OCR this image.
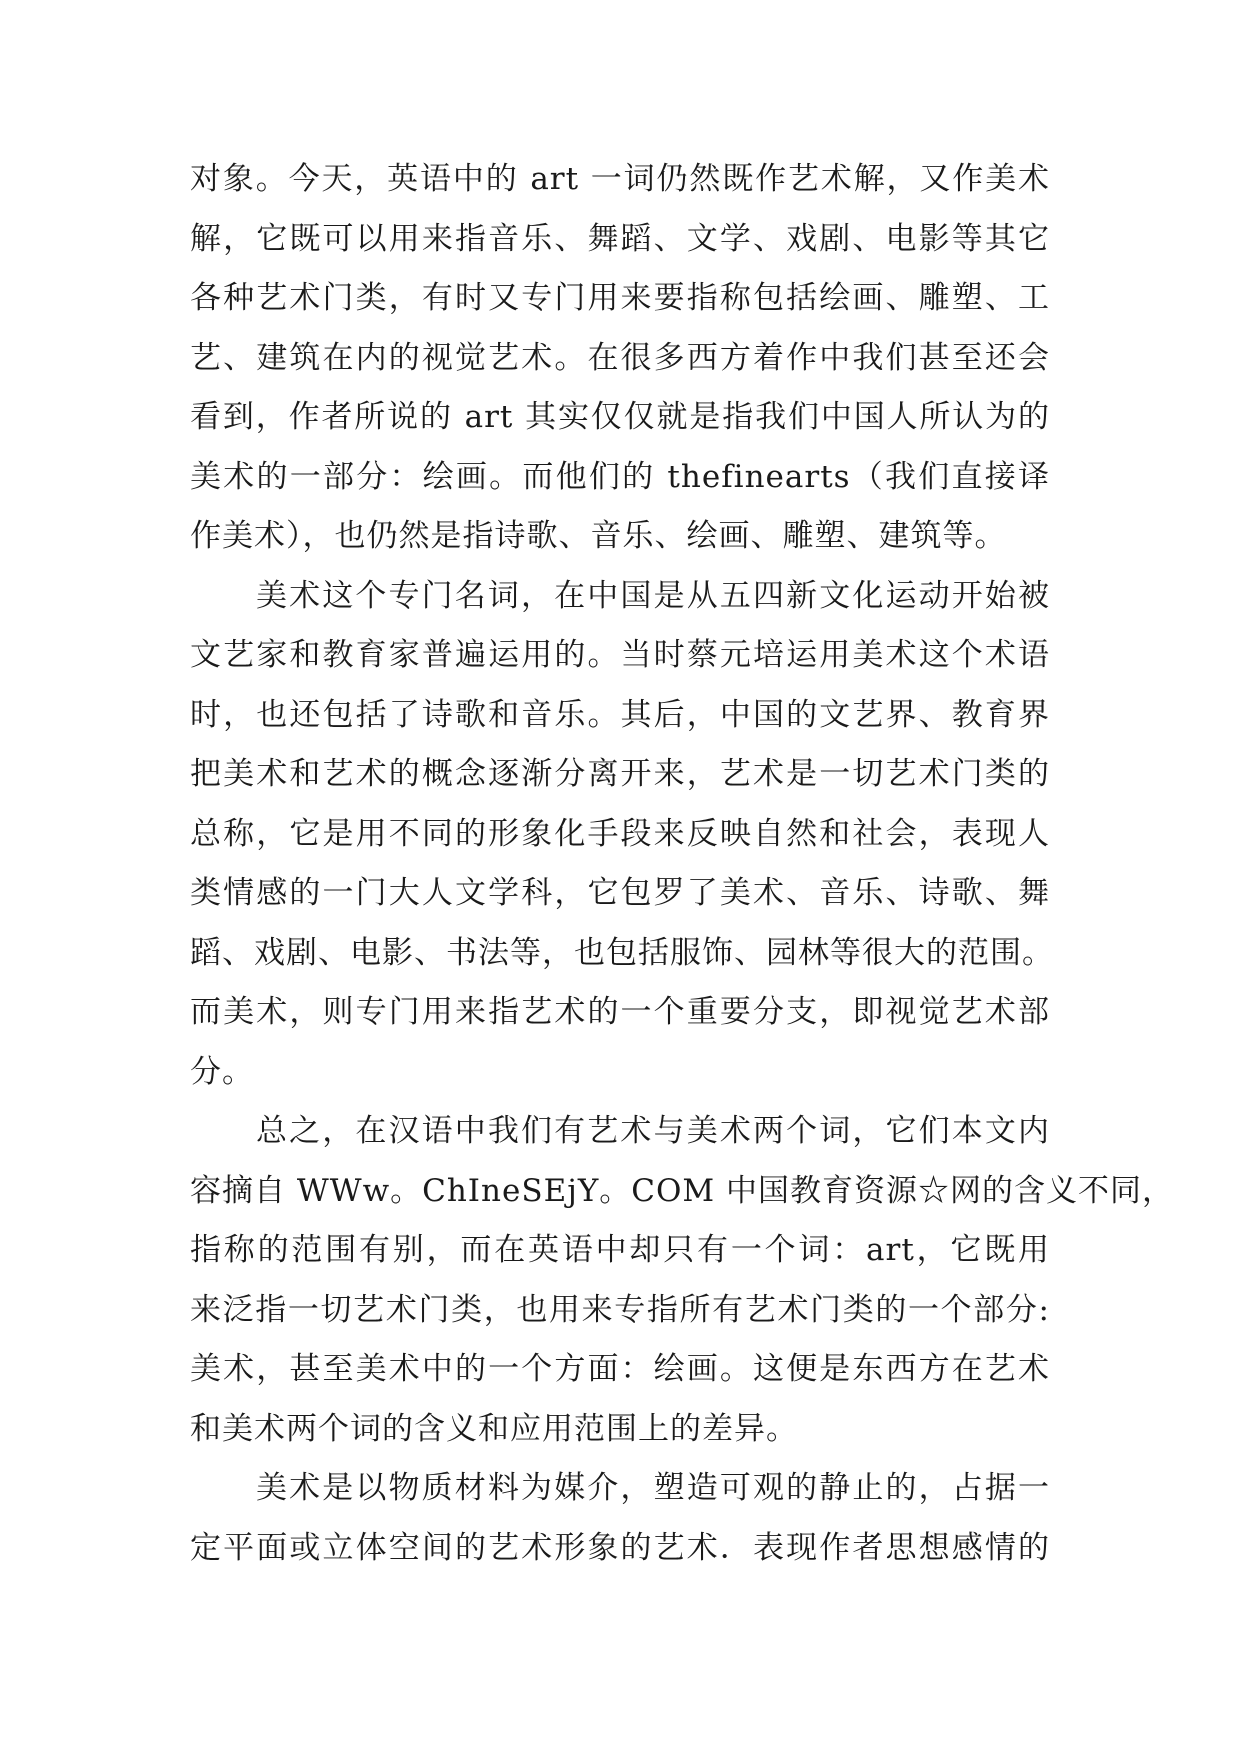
对象。今天，英语中的 art 一词仍然既作艺术解，又作美术
解，它既可以用来指音乐、舞蹈、文学、戏剧、电影等其它
各种艺术门类，有时又专门用来要指称包括绘画、雕塑、工
艺、建筑在内的视觉艺术。在很多西方着作中我们甚至还会
看到，作者所说的 art 其实仅仅就是指我们中国人所认为的
美术的一部分：绘画。而他们的 thefinearts（我们直接译
作美术），也仍然是指诗歌、音乐、绘画、雕塑、建筑等。
美术这个专门名词，在中国是从五四新文化运动开始被
文艺家和教育家普遍运用的。当时蔡元培运用美术这个术语
时，也还包括了诗歌和音乐。其后，中国的文艺界、教育界
把美术和艺术的概念逐渐分离开来，艺术是一切艺术门类的
总称，它是用不同的形象化手段来反映自然和社会，表现人
类情感的一门大人文学科，它包罗了美术、音乐、诗歌、舞
蹈、戏剧、电影、书法等，也包括服饰、园林等很大的范围。
而美术，则专门用来指艺术的一个重要分支，即视觉艺术部
分。
总之，在汉语中我们有艺术与美术两个词，它们本文内
容摘自 WWw。ChIneSEjY。COM 中国教育资源☆网的含义不同，
指称的范围有别，而在英语中却只有一个词：art，它既用
来泛指一切艺术门类，也用来专指所有艺术门类的一个部分:
美术，甚至美术中的一个方面：绘画。这便是东西方在艺术
和美术两个词的含义和应用范围上的差异。
美术是以物质材料为媒介，塑造可观的静止的，占据一
定平面或立体空间的艺术形象的艺术．表现作者思想感情的
